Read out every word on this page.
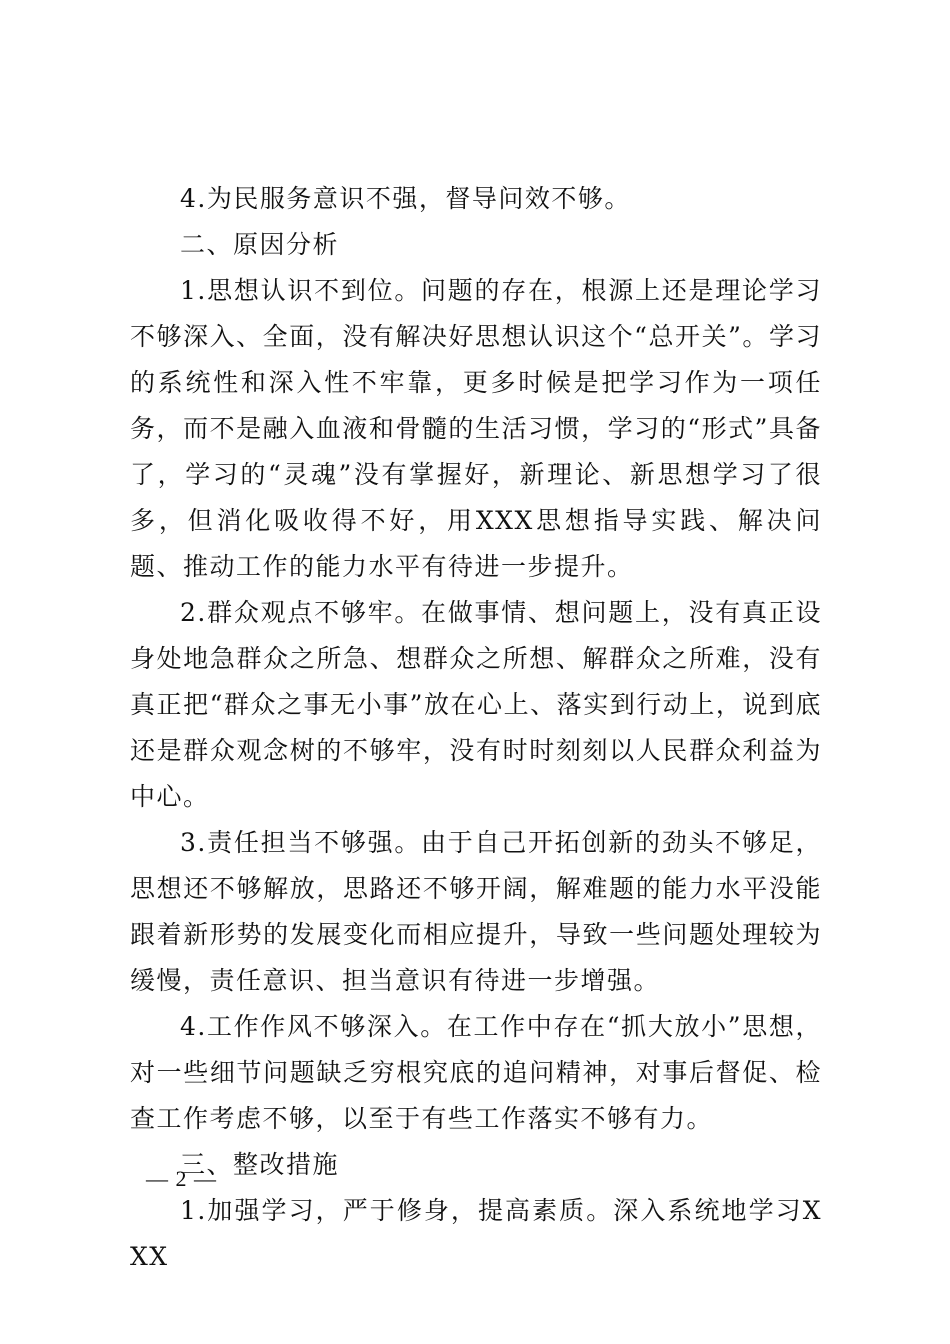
4.为民服务意识不强，督导问效不够。

二、原因分析

1.思想认识不到位。问题的存在，根源上还是理论学习不够深入、全面，没有解决好思想认识这个“总开关”。学习的系统性和深入性不牢靠，更多时候是把学习作为一项任务，而不是融入血液和骨髓的生活习惯，学习的“形式”具备了，学习的“灵魂”没有掌握好，新理论、新思想学习了很多，但消化吸收得不好，用XXX思想指导实践、解决问题、推动工作的能力水平有待进一步提升。

2.群众观点不够牢。在做事情、想问题上，没有真正设身处地急群众之所急、想群众之所想、解群众之所难，没有真正把“群众之事无小事”放在心上、落实到行动上，说到底还是群众观念树的不够牢，没有时时刻刻以人民群众利益为中心。

3.责任担当不够强。由于自己开拓创新的劲头不够足，思想还不够解放，思路还不够开阔，解难题的能力水平没能跟着新形势的发展变化而相应提升，导致一些问题处理较为缓慢，责任意识、担当意识有待进一步增强。

4.工作作风不够深入。在工作中存在“抓大放小”思想，对一些细节问题缺乏穷根究底的追问精神，对事后督促、检查工作考虑不够，以至于有些工作落实不够有力。

三、整改措施

1.加强学习，严于修身，提高素质。深入系统地学习XXX

— 2 —
